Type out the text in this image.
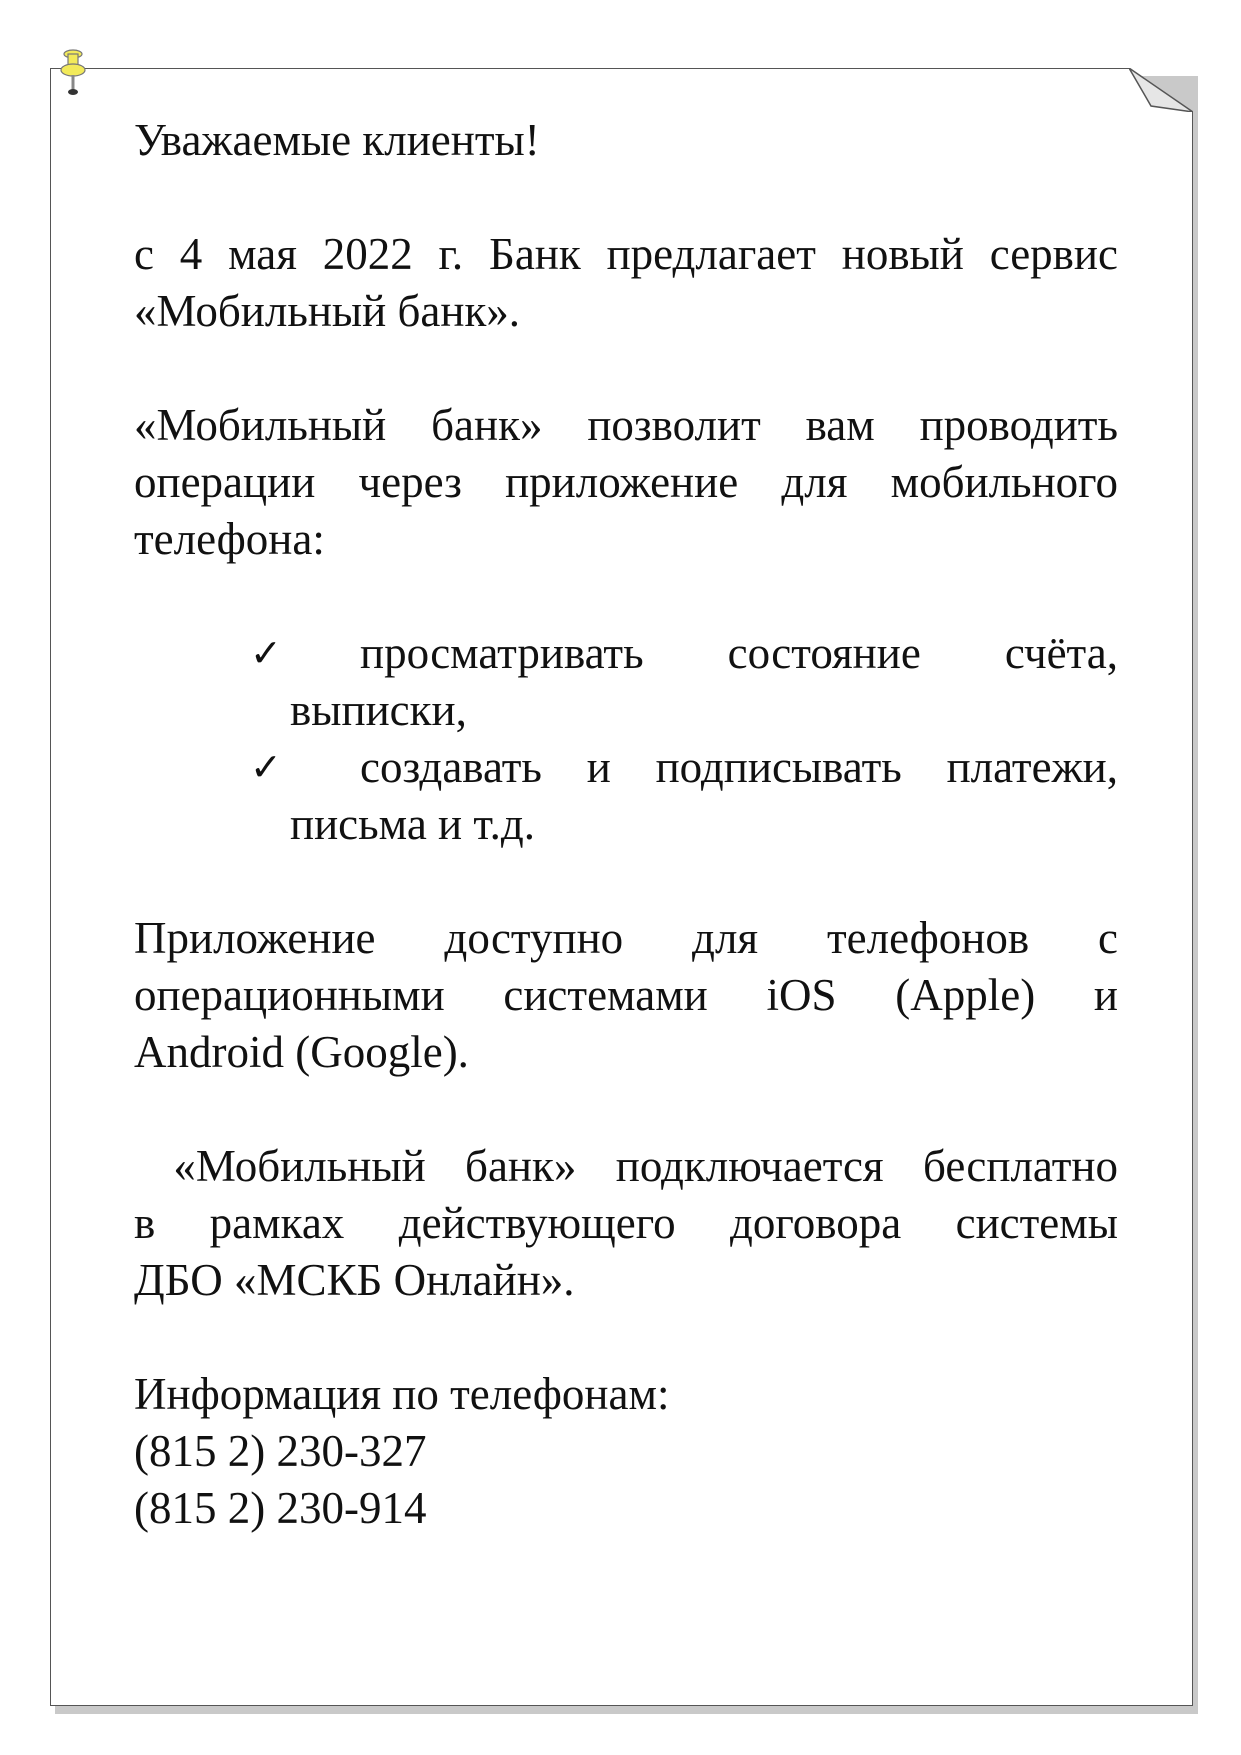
Уважаемые клиенты!

с 4 мая 2022 г. Банк предлагает новый сервис

«Мобильный банк».

«Мобильный банк» позволит вам проводить

операции через приложение для мобильного

телефона:

✓	просматривать состояние счёта,
выписки,
✓	создавать и подписывать платежи,
письма и т.д.

Приложение доступно для телефонов с

операционными системами iOS (Apple) и

Android (Google).

«Мобильный банк» подключается бесплатно

в рамках действующего договора системы

ДБО «МСКБ Онлайн».

Информация по телефонам:

(815 2) 230-327
(815 2) 230-914
